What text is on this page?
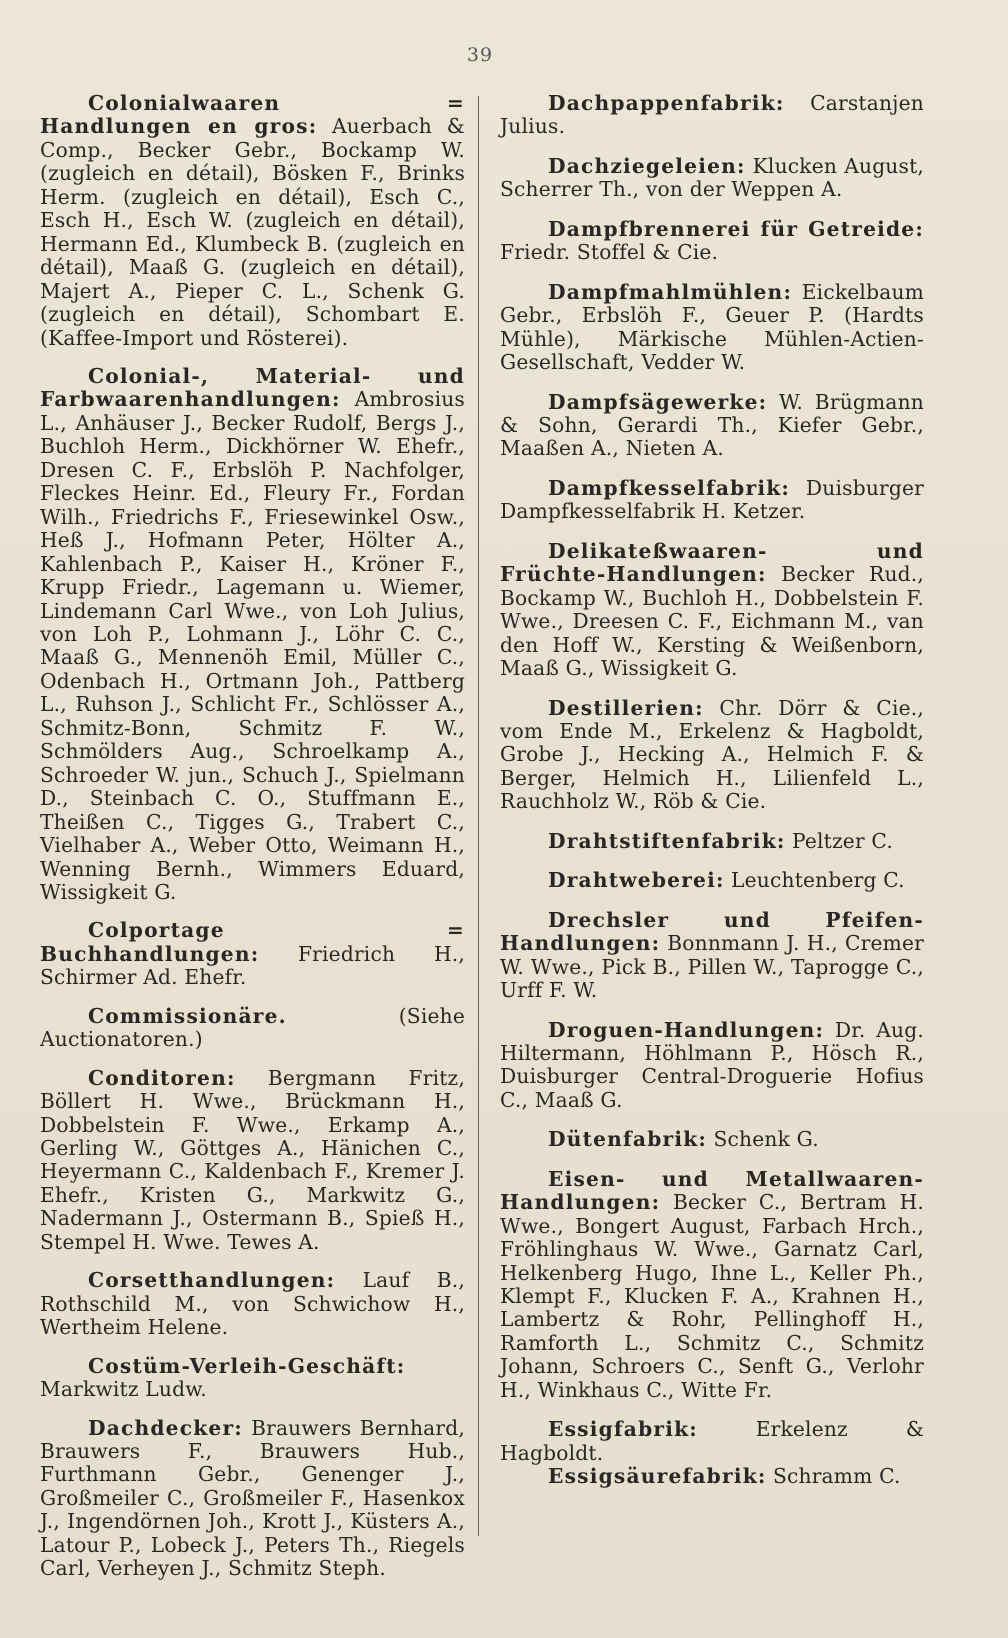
39

Colonialwaaren = Handlungen en gros: Auerbach & Comp., Becker Gebr., Bockamp W. (zugleich en détail), Bösken F., Brinks Herm. (zugleich en détail), Esch C., Esch H., Esch W. (zugleich en détail), Hermann Ed., Klumbeck B. (zugleich en détail), Maaß G. (zugleich en détail), Majert A., Pieper C. L., Schenk G. (zugleich en détail), Schombart E. (Kaffee-Import und Rösterei).

Colonial-, Material- und Farbwaarenhandlungen: Ambrosius L., Anhäuser J., Becker Rudolf, Bergs J., Buchloh Herm., Dickhörner W. Ehefr., Dresen C. F., Erbslöh P. Nachfolger, Fleckes Heinr. Ed., Fleury Fr., Fordan Wilh., Friedrichs F., Friesewinkel Osw., Heß J., Hofmann Peter, Hölter A., Kahlenbach P., Kaiser H., Kröner F., Krupp Friedr., Lagemann u. Wiemer, Lindemann Carl Wwe., von Loh Julius, von Loh P., Lohmann J., Löhr C. C., Maaß G., Mennenöh Emil, Müller C., Odenbach H., Ortmann Joh., Pattberg L., Ruhson J., Schlicht Fr., Schlösser A., Schmitz-Bonn, Schmitz F. W., Schmölders Aug., Schroelkamp A., Schroeder W. jun., Schuch J., Spielmann D., Steinbach C. O., Stuffmann E., Theißen C., Tigges G., Trabert C., Vielhaber A., Weber Otto, Weimann H., Wenning Bernh., Wimmers Eduard, Wissigkeit G.

Colportage = Buchhandlungen: Friedrich H., Schirmer Ad. Ehefr.

Commissionäre.	(Siehe Auctionatoren.)

Conditoren: Bergmann Fritz, Böllert H. Wwe., Brückmann H., Dobbelstein F. Wwe., Erkamp A., Gerling W., Göttges A., Hänichen C., Heyermann C., Kaldenbach F., Kremer J. Ehefr., Kristen G., Markwitz G., Nadermann J., Ostermann B., Spieß H., Stempel H. Wwe. Tewes A.

Corsetthandlungen: Lauf B., Rothschild M., von Schwichow H., Wertheim Helene.

Costüm-Verleih-Geschäft: Markwitz Ludw.

Dachdecker: Brauwers Bernhard, Brauwers F., Brauwers Hub., Furthmann Gebr., Genenger J., Großmeiler C., Großmeiler F., Hasenkox J., Ingendörnen Joh., Krott J., Küsters A., Latour P., Lobeck J., Peters Th., Riegels Carl, Verheyen J., Schmitz Steph.

Dachpappenfabrik: Carstanjen Julius.

Dachziegeleien: Klucken August, Scherrer Th., von der Weppen A.

Dampfbrennerei für Getreide: Friedr. Stoffel & Cie.

Dampfmahlmühlen: Eickelbaum Gebr., Erbslöh F., Geuer P. (Hardts Mühle), Märkische Mühlen-Actien-Gesellschaft, Vedder W.

Dampfsägewerke: W. Brügmann & Sohn, Gerardi Th., Kiefer Gebr., Maaßen A., Nieten A.

Dampfkesselfabrik: Duisburger Dampfkesselfabrik H. Ketzer.

Delikateßwaaren- und Früchte-Handlungen: Becker Rud., Bockamp W., Buchloh H., Dobbelstein F. Wwe., Dreesen C. F., Eichmann M., van den Hoff W., Kersting & Weißenborn, Maaß G., Wissigkeit G.

Destillerien: Chr. Dörr & Cie., vom Ende M., Erkelenz & Hagboldt, Grobe J., Hecking A., Helmich F. & Berger, Helmich H., Lilienfeld L., Rauchholz W., Röb & Cie.

Drahtstiftenfabrik: Peltzer C.

Drahtweberei: Leuchtenberg C.

Drechsler und Pfeifen-Handlungen: Bonnmann J. H., Cremer W. Wwe., Pick B., Pillen W., Taprogge C., Urff F. W.

Droguen-Handlungen: Dr. Aug. Hiltermann, Höhlmann P., Hösch R., Duisburger Central-Droguerie Hofius C., Maaß G.

Dütenfabrik: Schenk G.

Eisen- und Metallwaaren-Handlungen: Becker C., Bertram H. Wwe., Bongert August, Farbach Hrch., Fröhlinghaus W. Wwe., Garnatz Carl, Helkenberg Hugo, Ihne L., Keller Ph., Klempt F., Klucken F. A., Krahnen H., Lambertz & Rohr, Pellinghoff H., Ramforth L., Schmitz C., Schmitz Johann, Schroers C., Senft G., Verlohr H., Winkhaus C., Witte Fr.

Essigfabrik:	Erkelenz & Hagboldt.

Essigsäurefabrik: Schramm C.
